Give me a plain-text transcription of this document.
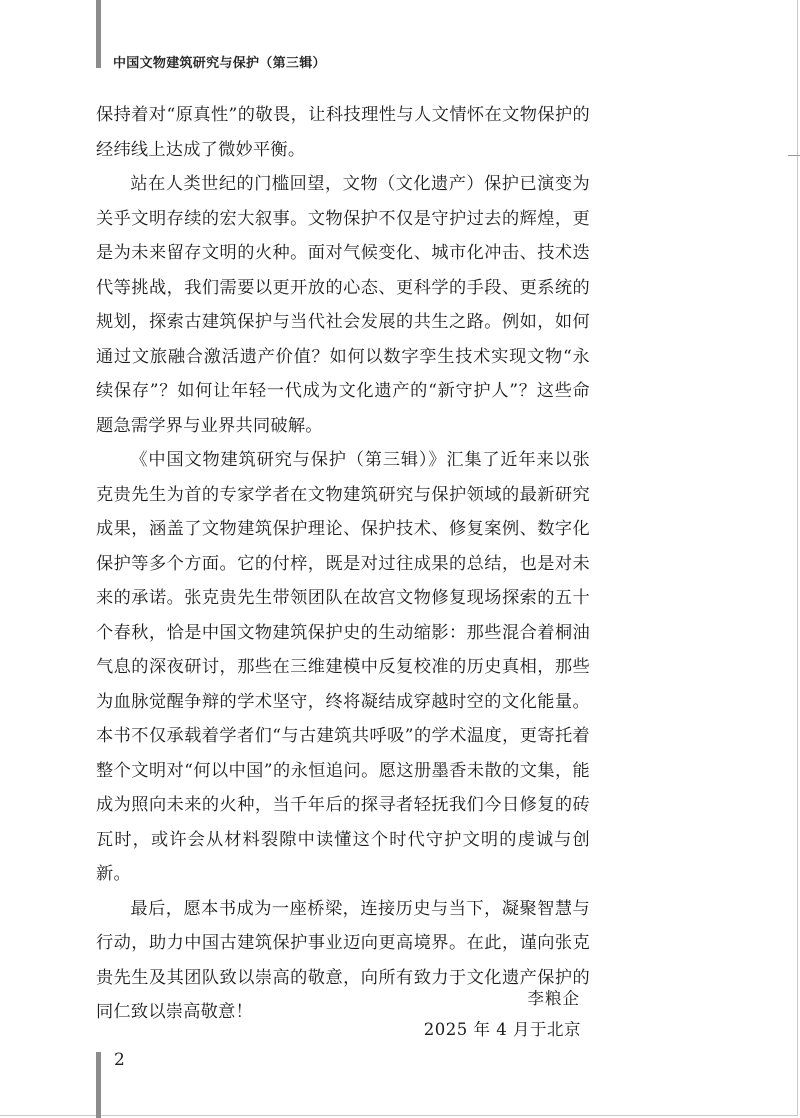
中国文物建筑研究与保护（第三辑）

保持着对“原真性”的敬畏，让科技理性与人文情怀在文物保护的经纬线上达成了微妙平衡。

站在人类世纪的门槛回望，文物（文化遗产）保护已演变为关乎文明存续的宏大叙事。文物保护不仅是守护过去的辉煌，更是为未来留存文明的火种。面对气候变化、城市化冲击、技术迭代等挑战，我们需要以更开放的心态、更科学的手段、更系统的规划，探索古建筑保护与当代社会发展的共生之路。例如，如何通过文旅融合激活遗产价值？如何以数字孪生技术实现文物“永续保存”？如何让年轻一代成为文化遗产的“新守护人”？这些命题急需学界与业界共同破解。

《中国文物建筑研究与保护（第三辑）》汇集了近年来以张克贵先生为首的专家学者在文物建筑研究与保护领域的最新研究成果，涵盖了文物建筑保护理论、保护技术、修复案例、数字化保护等多个方面。它的付梓，既是对过往成果的总结，也是对未来的承诺。张克贵先生带领团队在故宫文物修复现场探索的五十个春秋，恰是中国文物建筑保护史的生动缩影：那些混合着桐油气息的深夜研讨，那些在三维建模中反复校准的历史真相，那些为血脉觉醒争辩的学术坚守，终将凝结成穿越时空的文化能量。本书不仅承载着学者们“与古建筑共呼吸”的学术温度，更寄托着整个文明对“何以中国”的永恒追问。愿这册墨香未散的文集，能成为照向未来的火种，当千年后的探寻者轻抚我们今日修复的砖瓦时，或许会从材料裂隙中读懂这个时代守护文明的虔诚与创新。

最后，愿本书成为一座桥梁，连接历史与当下，凝聚智慧与行动，助力中国古建筑保护事业迈向更高境界。在此，谨向张克贵先生及其团队致以崇高的敬意，向所有致力于文化遗产保护的同仁致以崇高敬意！

李粮企
2025 年 4 月于北京
2
